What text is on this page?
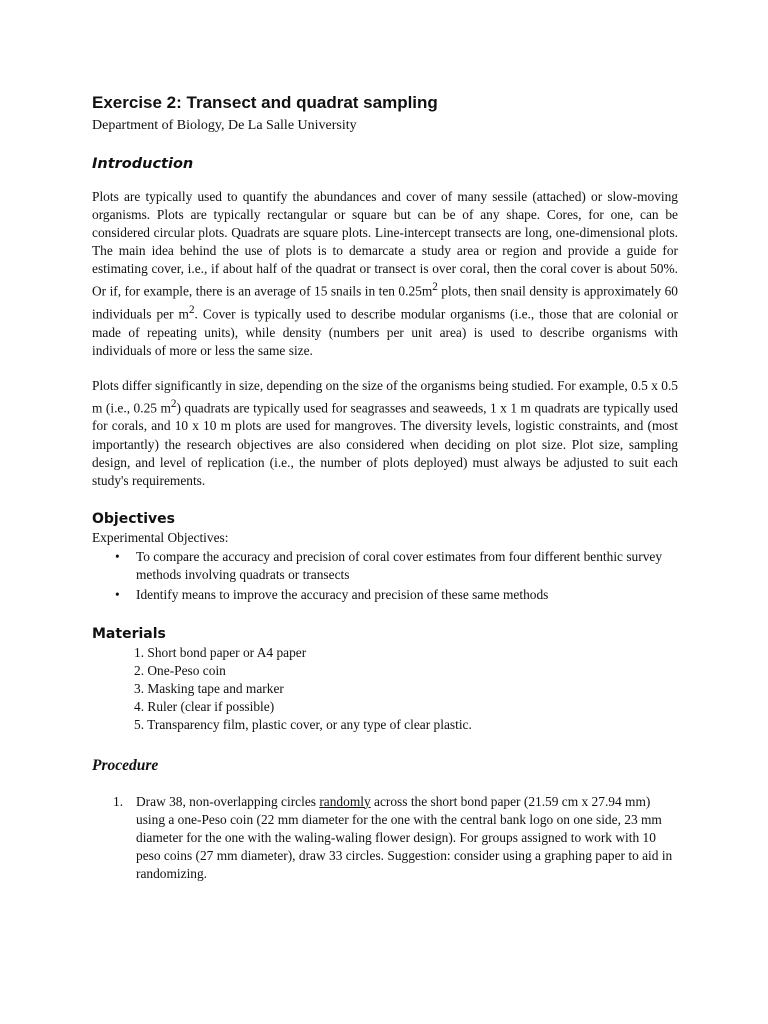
Exercise 2: Transect and quadrat sampling

Department of Biology, De La Salle University

Introduction

Plots are typically used to quantify the abundances and cover of many sessile (attached) or slow-moving organisms. Plots are typically rectangular or square but can be of any shape. Cores, for one, can be considered circular plots. Quadrats are square plots. Line-intercept transects are long, one-dimensional plots. The main idea behind the use of plots is to demarcate a study area or region and provide a guide for estimating cover, i.e., if about half of the quadrat or transect is over coral, then the coral cover is about 50%. Or if, for example, there is an average of 15 snails in ten $0.25m^2$ plots, then snail density is approximately 60 individuals per $m^2$. Cover is typically used to describe modular organisms (i.e., those that are colonial or made of repeating units), while density (numbers per unit area) is used to describe organisms with individuals of more or less the same size.

Plots differ significantly in size, depending on the size of the organisms being studied. For example, 0.5 x 0.5 m (i.e., 0.25 $m^2$) quadrats are typically used for seagrasses and seaweeds, 1 x 1 m quadrats are typically used for corals, and 10 x 10 m plots are used for mangroves. The diversity levels, logistic constraints, and (most importantly) the research objectives are also considered when deciding on plot size. Plot size, sampling design, and level of replication (i.e., the number of plots deployed) must always be adjusted to suit each study's requirements.

Objectives

Experimental Objectives:

• To compare the accuracy and precision of coral cover estimates from four different benthic survey methods involving quadrats or transects
• Identify means to improve the accuracy and precision of these same methods
Materials
1. Short bond paper or A4 paper
2. One-Peso coin
3. Masking tape and marker
4. Ruler (clear if possible)
5. Transparency film, plastic cover, or any type of clear plastic.
Procedure
1. Draw 38, non-overlapping circles randomly across the short bond paper (21.59 cm x 27.94 mm) using a one-Peso coin (22 mm diameter for the one with the central bank logo on one side, 23 mm diameter for the one with the waling-waling flower design). For groups assigned to work with 10 peso coins (27 mm diameter), draw 33 circles. Suggestion: consider using a graphing paper to aid in randomizing.
